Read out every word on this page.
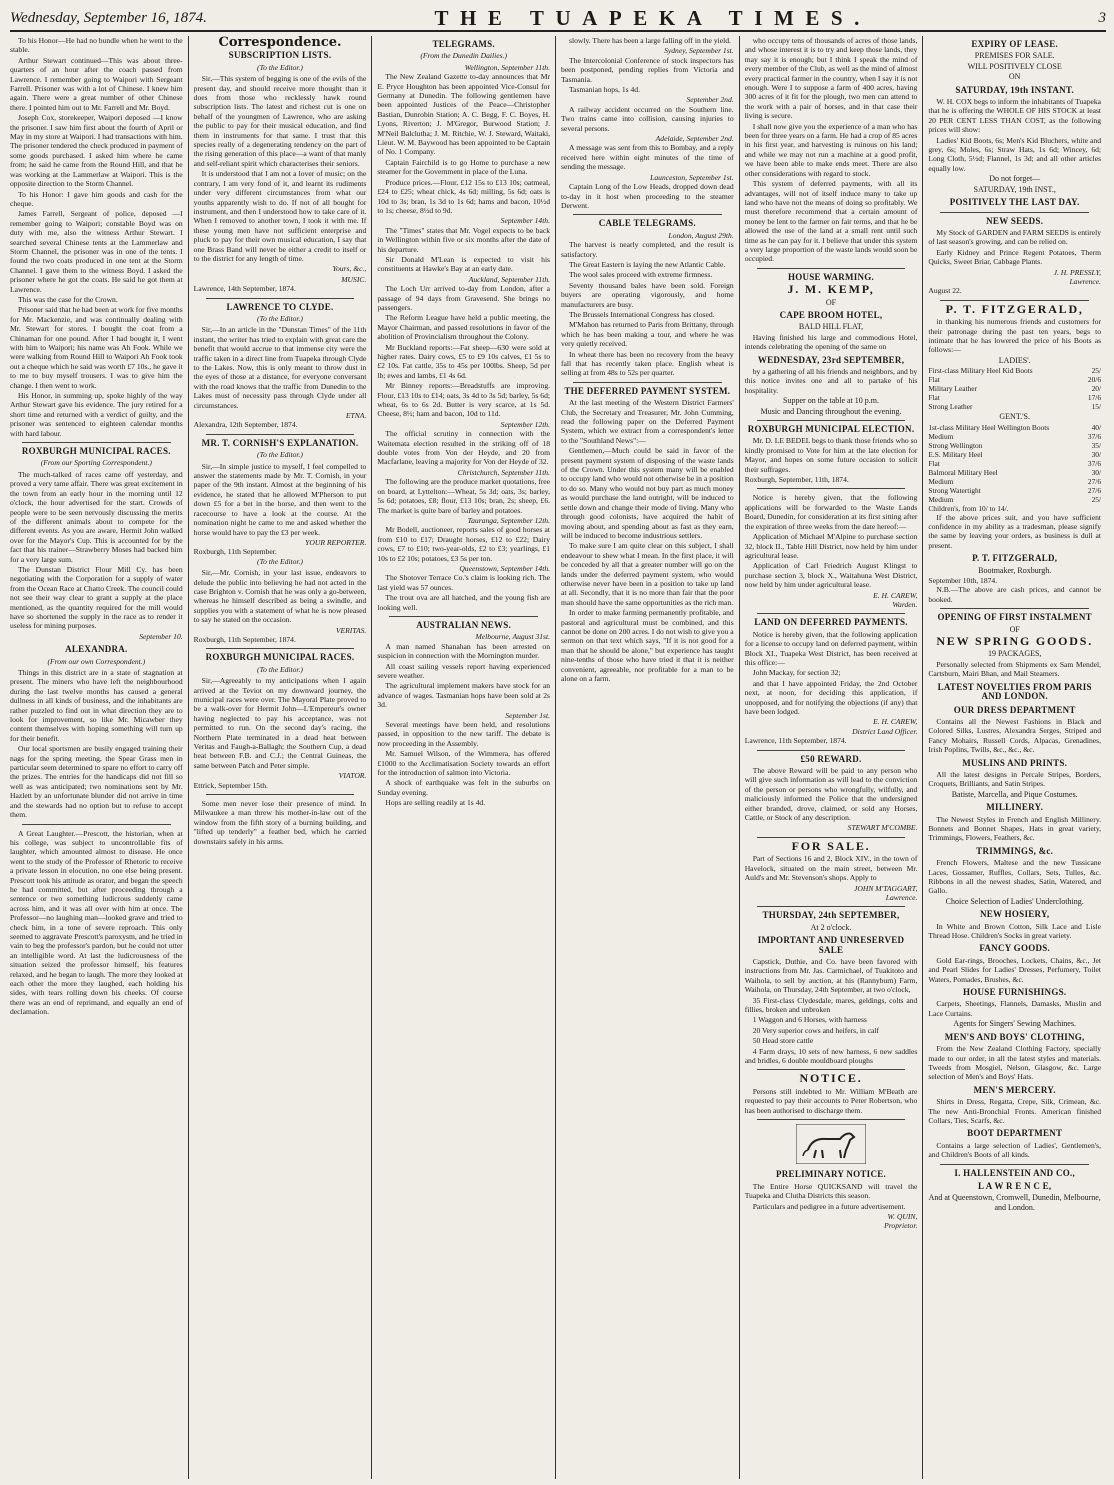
Wednesday, September 16, 1874.	THE TUAPEKA TIMES.	3

To his Honor—He had no bundle when he went to the stable.

Arthur Stewart continued—This was about three-quarters of an hour after the coach passed from Lawrence. I remember going to Waipori with Sergeant Farrell. Prisoner was with a lot of Chinese. I knew him again. There were a great number of other Chinese there. I pointed him out to Mr. Farrell and Mr. Boyd.

Joseph Cox, storekeeper, Waipori deposed —I know the prisoner. I saw him first about the fourth of April or May in my store at Waipori. I had transactions with him. The prisoner tendered the check produced in payment of some goods purchased. I asked him where he came from; he said he came from the Round Hill, and that he was working at the Lammerlaw at Waipori. This is the opposite direction to the Storm Channel.

To his Honor: I gave him goods and cash for the cheque.

James Farrell, Sergeant of police, deposed —I remember going to Waipori; constable Boyd was on duty with me, also the witness Arthur Stewart. I searched several Chinese tents at the Lammerlaw and Storm Channel, the prisoner was in one of the tents. I found the two coats produced in one tent at the Storm Channel. I gave them to the witness Boyd. I asked the prisoner where he got the coats. He said he got them at Lawrence.

This was the case for the Crown.

Prisoner said that he had been at work for five months for Mr. Mackenzie, and was continually dealing with Mr. Stewart for stores. I bought the coat from a Chinaman for one pound. After I had bought it, I went with him to Waipori; his name was Ah Fook. While we were walking from Round Hill to Waipori Ah Fook took out a cheque which he said was worth £7 10s., he gave it to me to buy myself trousers. I was to give him the change. I then went to work.

His Honor, in summing up, spoke highly of the way Arthur Stewart gave his evidence. The jury retired for a short time and returned with a verdict of guilty, and the prisoner was sentenced to eighteen calendar months with hard labour.

ROXBURGH MUNICIPAL RACES.
(From our Sporting Correspondent.)

The much-talked of races came off yesterday, and proved a very tame affair. There was great excitement in the town from an early hour in the morning until 12 o'clock, the hour advertised for the start. Crowds of people were to be seen nervously discussing the merits of the different animals about to compete for the different events. As you are aware, Hermit John walked over for the Mayor's Cup. This is accounted for by the fact that his trainer—Strawberry Moses had backed him for a very large sum.

The Dunstan District Flour Mill Cy. has been negotiating with the Corporation for a supply of water from the Ocean Race at Chatto Creek. The council could not see their way clear to grant a supply at the place mentioned, as the quantity required for the mill would have so shortened the supply in the race as to render it useless for mining purposes.

September 10.
ALEXANDRA.
(From our own Correspondent.)

Things in this district are in a state of stagnation at present. The miners who have left the neighbourhood during the last twelve months has caused a general dullness in all kinds of business, and the inhabitants are rather puzzled to find out in what direction they are to look for improvement, so like Mr. Micawber they content themselves with hoping something will turn up for their benefit.

Our local sportsmen are busily engaged training their nags for the spring meeting, the Spear Grass men in particular seem determined to spare no effort to carry off the prizes. The entries for the handicaps did not fill so well as was anticipated; two nominations sent by Mr. Hazlett by an unfortunate blunder did not arrive in time and the stewards had no option but to refuse to accept them.

A Great Laughter.—Prescott, the historian, when at his college, was subject to uncontrollable fits of laughter, which amounted almost to disease. He once went to the study of the Professor of Rhetoric to receive a private lesson in elocution, no one else being present. Prescott took his attitude as orator, and began the speech he had committed, but after proceeding through a sentence or two something ludicrous suddenly came across him, and it was all over with him at once. The Professor—no laughing man—looked grave and tried to check him, in a tone of severe reproach. This only seemed to aggravate Prescott's paroxysm, and he tried in vain to beg the professor's pardon, but he could not utter an intelligible word. At last the ludicrousness of the situation seized the professor himself, his features relaxed, and he began to laugh. The more they looked at each other the more they laughed, each holding his sides, with tears rolling down his cheeks. Of course there was an end of reprimand, and equally an end of declamation.

Correspondence.
SUBSCRIPTION LISTS.
(To the Editor.)

Sir,—This system of begging is one of the evils of the present day, and should receive more thought than it does from those who recklessly hawk round subscription lists. The latest and richest cut is one on behalf of the youngmen of Lawrence, who are asking the public to pay for their musical education, and find them in instruments for that same. I trust that this species really of a degenerating tendency on the part of the rising generation of this place—a want of that manly and self-reliant spirit which characterises their seniors.

It is understood that I am not a lover of music; on the contrary, I am very fond of it, and learnt its rudiments under very different circumstances from what our youths apparently wish to do. If not of all bought for instrument, and then I understood how to take care of it. When I removed to another town, I took it with me. If these young men have not sufficient enterprise and pluck to pay for their own musical education, I say that one Brass Band will never be either a credit to itself or to the district for any length of time.

Yours, &c.,

MUSIC.
Lawrence, 14th September, 1874.
LAWRENCE TO CLYDE.
(To the Editor.)

Sir,—In an article in the "Dunstan Times" of the 11th instant, the writer has tried to explain with great care the benefit that would accrue to that immense city were the traffic taken in a direct line from Tuapeka through Clyde to the Lakes. Now, this is only meant to throw dust in the eyes of those at a distance, for everyone conversant with the road knows that the traffic from Dunedin to the Lakes must of necessity pass through Clyde under all circumstances.

ETNA.
Alexandra, 12th September, 1874.
MR. T. CORNISH'S EXPLANATION.
(To the Editor.)

Sir,—In simple justice to myself, I feel compelled to answer the statements made by Mr. T. Cornish, in your paper of the 9th instant. Almost at the beginning of his evidence, he stated that he allowed M'Pherson to put down £5 for a bet in the horse, and then went to the racecourse to have a look at the course. At the nomination night he came to me and asked whether the horse would have to pay the £3 per week.

YOUR REPORTER.
Roxburgh, 11th September.
(To the Editor.)

Sir,—Mr. Cornish, in your last issue, endeavors to delude the public into believing he had not acted in the case Brighton v. Cornish that he was only a go-between, whereas he himself described as being a swindle, and supplies you with a statement of what he is now pleased to say he stated on the occasion.

VERITAS.
Roxburgh, 11th September, 1874.
ROXBURGH MUNICIPAL RACES.
(To the Editor.)

Sir,—Agreeably to my anticipations when I again arrived at the Teviot on my downward journey, the municipal races were over. The Mayoral Plate proved to be a walk-over for Hermit John—L'Empereur's owner having neglected to pay his acceptance, was not permitted to run. On the second day's racing, the Northern Plate terminated in a dead heat between Veritas and Faugh-a-Ballagh; the Southern Cup, a dead heat between F.B. and C.J.; the Central Guineas, the same between Patch and Peter simple.

VIATOR.
Ettrick, September 15th.

Some men never lose their presence of mind. In Milwaukee a man threw his mother-in-law out of the window from the fifth story of a burning building, and "lifted up tenderly" a feather bed, which he carried downstairs safely in his arms.

TELEGRAMS.
(From the Dunedin Dailies.)
Wellington, September 11th.

The New Zealand Gazette to-day announces that Mr E. Pryce Houghton has been appointed Vice-Consul for Germany at Dunedin. The following gentlemen have been appointed Justices of the Peace—Christopher Bastian, Dunrobin Station; A. C. Begg, F. C. Boyes, H. Lyons, Riverton; J. M'Gregor, Burwood Station; J. M'Neil Balclutha; J. M. Ritchie, W. J. Steward, Waitaki, Lieut. W. M. Baywood has been appointed to be Captain of No. 1 Company.

Captain Fairchild is to go Home to purchase a new steamer for the Government in place of the Luna.

Produce prices.—Flour, £12 15s to £13 10s; oatmeal, £24 to £25; wheat chick, 4s 6d; milling, 5s 6d; oats is 10d to 3s; bran, 1s 3d to 1s 6d; hams and bacon, 10½d to 1s; cheese, 8½d to 9d.

September 14th.

The "Times" states that Mr. Vogel expects to be back in Wellington within five or six months after the date of his departure.

Sir Donald M'Lean is expected to visit his constituents at Hawke's Bay at an early date.

Auckland, September 11th.

The Loch Urr arrived to-day from London, after a passage of 94 days from Gravesend. She brings no passengers.

The Reform League have held a public meeting, the Mayor Chairman, and passed resolutions in favor of the abolition of Provincialism throughout the Colony.

Mr Buckland reports:—Fat sheep—630 were sold at higher rates. Dairy cows, £5 to £9 10s calves, £1 5s to £2 10s. Fat cattle, 35s to 45s per 100lbs. Sheep, 5d per lb; ewes and lambs, £1 4s 6d.

Mr Binney reports:—Breadstuffs are improving. Flour, £13 10s to £14; oats, 3s 4d to 3s 5d; barley, 5s 6d; wheat, 6s to 6s 2d. Butter is very scarce, at 1s 5d. Cheese, 8½; ham and bacon, 10d to 11d.

September 12th.

The official scrutiny in connection with the Waitemata election resulted in the striking off of 18 double votes from Von der Heyde, and 20 from Macfarlane, leaving a majority for Von der Heyde of 32.

Christchurch, September 11th.

The following are the produce market quotations, free on board, at Lyttelton:—Wheat, 5s 3d; oats, 3s; barley, 5s 6d; potatoes, £8; flour, £13 10s; bran, 2s; sheep, £6. The market is quite bare of barley and potatoes.

Tauranga, September 12th.

Mr Bodell, auctioneer, reports sales of good horses at from £10 to £17; Draught horses, £12 to £22; Dairy cows, £7 to £10; two-year-olds, £2 to £3; yearlings, £1 10s to £2 10s; potatoes, £3 5s per ton.

Queenstown, September 14th.

The Shotover Terrace Co.'s claim is looking rich. The last yield was 57 ounces.

The trout ova are all hatched, and the young fish are looking well.

AUSTRALIAN NEWS.
Melbourne, August 31st.

A man named Shanahan has been arrested on suspicion in connection with the Mornington murder.

All coast sailing vessels report having experienced severe weather.

The agricultural implement makers have stock for an advance of wages. Tasmanian hops have been sold at 2s 3d.

September 1st.

Several meetings have been held, and resolutions passed, in opposition to the new tariff. The debate is now proceeding in the Assembly.

Mr. Samuel Wilson, of the Wimmera, has offered £1000 to the Acclimatisation Society towards an effort for the introduction of salmon into Victoria.

A shock of earthquake was felt in the suburbs on Sunday evening.

Hops are selling readily at 1s 4d.

slowly. There has been a large falling off in the yield.

Sydney, September 1st.

The Intercolonial Conference of stock inspectors has been postponed, pending replies from Victoria and Tasmania.

Tasmanian hops, 1s 4d.

September 2nd.

A railway accident occurred on the Southern line. Two trains came into collision, causing injuries to several persons.

Adelaide, September 2nd.

A message was sent from this to Bombay, and a reply received here within eight minutes of the time of sending the message.

Launceston, September 1st.

Captain Long of the Low Heads, dropped down dead to-day in it host when proceeding to the steamer Derwent.

CABLE TELEGRAMS.
London, August 29th.

The harvest is nearly completed, and the result is satisfactory.

The Great Eastern is laying the new Atlantic Cable.

The wool sales proceed with extreme firmness.

Seventy thousand bales have been sold. Foreign buyers are operating vigorously, and home manufacturers are busy.

The Brussels International Congress has closed.

M'Mahon has returned to Paris from Brittany, through which he has been making a tour, and where he was very quietly received.

In wheat there has been no recovery from the heavy fall that has recently taken place. English wheat is selling at from 48s to 52s per quarter.

THE DEFERRED PAYMENT SYSTEM.

At the last meeting of the Western District Farmers' Club, the Secretary and Treasurer, Mr. John Cumming, read the following paper on the Deferred Payment System, which we extract from a correspondent's letter to the "Southland News":—

Gentlemen,—Much could be said in favor of the present payment system of disposing of the waste lands of the Crown. Under this system many will be enabled to occupy land who would not otherwise be in a position to do so. Many who would not buy part as much money as would purchase the land outright, will be induced to settle down and change their mode of living. Many who through good colonists, have acquired the habit of moving about, and spending about as fast as they earn, will be induced to become industrious settlers.

To make sure I am quite clear on this subject, I shall endeavour to shew what I mean. In the first place, it will be conceded by all that a greater number will go on the lands under the deferred payment system, who would otherwise never have been in a position to take up land at all. Secondly, that it is no more than fair that the poor man should have the same opportunities as the rich man.

In order to make farming permanently profitable, and pastoral and agricultural must be combined, and this cannot be done on 200 acres. I do not wish to give you a sermon on that text which says, "If it is not good for a man that he should be alone," but experience has taught nine-tenths of those who have tried it that it is neither convenient, agreeable, nor profitable for a man to be alone on a farm.

who occupy tens of thousands of acres of those lands, and whose interest it is to try and keep those lands, they may say it is enough; but I think I speak the mind of every member of the Club, as well as the mind of almost every practical farmer in the country, when I say it is not enough. Were I to suppose a farm of 400 acres, having 300 acres of it fit for the plough, two men can attend to the work with a pair of horses, and in that case their living is secure.

I shall now give you the experience of a man who has been for three years on a farm. He had a crop of 85 acres in his first year, and harvesting is ruinous on his land; and while we may not run a machine at a good profit, we have been able to make ends meet. There are also other considerations with regard to stock.

This system of deferred payments, with all its advantages, will not of itself induce many to take up land who have not the means of doing so profitably. We must therefore recommend that a certain amount of money be lent to the farmer on fair terms, and that he be allowed the use of the land at a small rent until such time as he can pay for it. I believe that under this system a very large proportion of the waste lands would soon be occupied.

HOUSE WARMING.
J. M. KEMP,
OF
CAPE BROOM HOTEL,
BALD HILL FLAT,

Having finished his large and commodious Hotel, intends celebrating the opening of the same on

WEDNESDAY, 23rd SEPTEMBER,

by a gathering of all his friends and neighbors, and by this notice invites one and all to partake of his hospitality.

Supper on the table at 10 p.m.
Music and Dancing throughout the evening.
ROXBURGH MUNICIPAL ELECTION.

Mr. D. LE BEDEL begs to thank those friends who so kindly promised to Vote for him at the late election for Mayor, and hopes on some future occasion to solicit their suffrages.

Roxburgh, September, 11th, 1874.

Notice is hereby given, that the following applications will be forwarded to the Waste Lands Board, Dunedin, for consideration at its first sitting after the expiration of three weeks from the date hereof:—

Application of Michael M'Alpine to purchase section 32, block II., Table Hill District, now held by him under agricultural lease.

Application of Carl Friedrich August Klingst to purchase section 3, block X., Waitahuna West District, now held by him under agricultural lease.

E. H. CAREW,
Warden.
LAND ON DEFERRED PAYMENTS.

Notice is hereby given, that the following application for a license to occupy land on deferred payment, within Block XI., Tuapeka West District, has been received at this office:—

John Mackay, for section 32;

and that I have appointed Friday, the 2nd October next, at noon, for deciding this application, if unopposed, and for notifying the objections (if any) that have been lodged.

E. H. CAREW,
District Land Officer.
Lawrence, 11th September, 1874.
£50 REWARD.

The above Reward will be paid to any person who will give such information as will lead to the conviction of the person or persons who wrongfully, wilfully, and maliciously informed the Police that the undersigned either branded, drove, claimed, or sold any Horses, Cattle, or Stock of any description.

STEWART M'COMBE.
FOR SALE.

Part of Sections 16 and 2, Block XIV., in the town of Havelock, situated on the main street, between Mr. Auld's and Mr. Stevenson's shops. Apply to

JOHN M'TAGGART,
Lawrence.
THURSDAY, 24th SEPTEMBER,
At 2 o'clock.
IMPORTANT AND UNRESERVED SALE

Capstick, Duthie, and Co. have been favored with instructions from Mr. Jas. Carmichael, of Tuakitoto and Waihola, to sell by auction, at his (Rannyburn) Farm, Waihola, on Thursday, 24th September, at two o'clock,

35 First-class Clydesdale, mares, geldings, colts and fillies, broken and unbroken

1 Waggon and 6 Horses, with harness

20 Very superior cows and heifers, in calf

50 Head store cattle

4 Farm drays, 10 sets of new harness, 6 new saddles and bridles, 6 double mouldboard ploughs

NOTICE.

Persons still indebted to Mr. William M'Beath are requested to pay their accounts to Peter Robertson, who has been authorised to discharge them.

PRELIMINARY NOTICE.

The Entire Horse QUICKSAND will travel the Tuapeka and Clutha Districts this season.

Particulars and pedigree in a future advertisement.

W. QUIN,
Proprietor.
EXPIRY OF LEASE.
PREMISES FOR SALE.
WILL POSITIVELY CLOSE
ON
SATURDAY, 19th INSTANT.

W. H. COX begs to inform the inhabitants of Tuapeka that he is offering the WHOLE OF HIS STOCK at least 20 PER CENT LESS THAN COST, as the following prices will show:

Ladies' Kid Boots, 6s; Men's Kid Bluchers, white and grey, 6s; Moles, 6s; Straw Hats, 1s 6d; Wincey, 6d; Long Cloth, 5½d; Flannel, 1s 3d; and all other articles equally low.

Do not forget—
SATURDAY, 19th INST.,
POSITIVELY THE LAST DAY.
NEW SEEDS.

My Stock of GARDEN and FARM SEEDS is entirely of last season's growing, and can be relied on.

Early Kidney and Prince Regent Potatoes, Therm Quicks, Sweet Briar, Cabbage Plants.

J. H. PRESSLY,
Lawrence.
August 22.
P. T. FITZGERALD,

in thanking his numerous friends and customers for their patronage during the past ten years, begs to intimate that he has lowered the price of his Boots as follows:—

LADIES'.
First-class Military Heel Kid Boots	25/
Flat	20/6
Military Leather	20/
Flat	17/6
Strong Leather	15/
GENT.'S.
1st-class Military Heel Wellington Boots	40/
Medium	37/6
Strong Wellington	35/
E.S. Military Heel	30/
Flat	37/6
Balmoral Military Heel	30/
Medium	27/6
Strong Watertight	27/6
Medium	25/
Children's, from 10/ to 14/.	

If the above prices suit, and you have sufficient confidence in my ability as a tradesman, please signify the same by leaving your orders, as business is dull at present.

P. T. FITZGERALD,
Bootmaker, Roxburgh.
September 10th, 1874.

N.B.—The above are cash prices, and cannot be booked.

OPENING OF FIRST INSTALMENT
OF
NEW SPRING GOODS.
19 PACKAGES,

Personally selected from Shipments ex Sam Mendel, Cartsburn, Mairi Bhan, and Mail Steamers.

LATEST NOVELTIES FROM PARIS AND LONDON.
OUR DRESS DEPARTMENT

Contains all the Newest Fashions in Black and Colored Silks, Lustres, Alexandra Serges, Striped and Fancy Mohairs, Russell Cords, Alpacas, Grenadines, Irish Poplins, Twills, &c., &c., &c.

MUSLINS AND PRINTS.

All the latest designs in Percale Stripes, Borders, Croquets, Brilliants, and Satin Stripes.

Batiste, Marcella, and Pique Costumes.
MILLINERY.

The Newest Styles in French and English Millinery. Bonnets and Bonnet Shapes, Hats in great variety, Trimmings, Flowers, Feathers, &c.

TRIMMINGS, &c.

French Flowers, Maltese and the new Tussicane Laces, Gossamer, Ruffles, Collars, Sets, Tulles, &c. Ribbons in all the newest shades, Satin, Watered, and Gallo.

Choice Selection of Ladies' Underclothing.
NEW HOSIERY,

In White and Brown Cotton, Silk Lace and Lisle Thread Hose. Children's Socks in great variety.

FANCY GOODS.

Gold Ear-rings, Brooches, Lockets, Chains, &c., Jet and Pearl Slides for Ladies' Dresses, Perfumery, Toilet Waters, Pomades, Brushes, &c.

HOUSE FURNISHINGS.

Carpets, Sheetings, Flannels, Damasks, Muslin and Lace Curtains.

Agents for Singers' Sewing Machines.
MEN'S AND BOYS' CLOTHING,

From the New Zealand Clothing Factory, specially made to our order, in all the latest styles and materials. Tweeds from Mosgiel, Nelson, Glasgow, &c. Large selection of Men's and Boys' Hats.

MEN'S MERCERY.

Shirts in Dress, Regatta, Crepe, Silk, Crimean, &c. The new Anti-Bronchial Fronts. American finished Collars, Ties, Scarfs, &c.

BOOT DEPARTMENT

Contains a large selection of Ladies', Gentlemen's, and Children's Boots of all kinds.

I. HALLENSTEIN AND CO.,
L A W R E N C E,
And at Queenstown, Cromwell, Dunedin, Melbourne, and London.
